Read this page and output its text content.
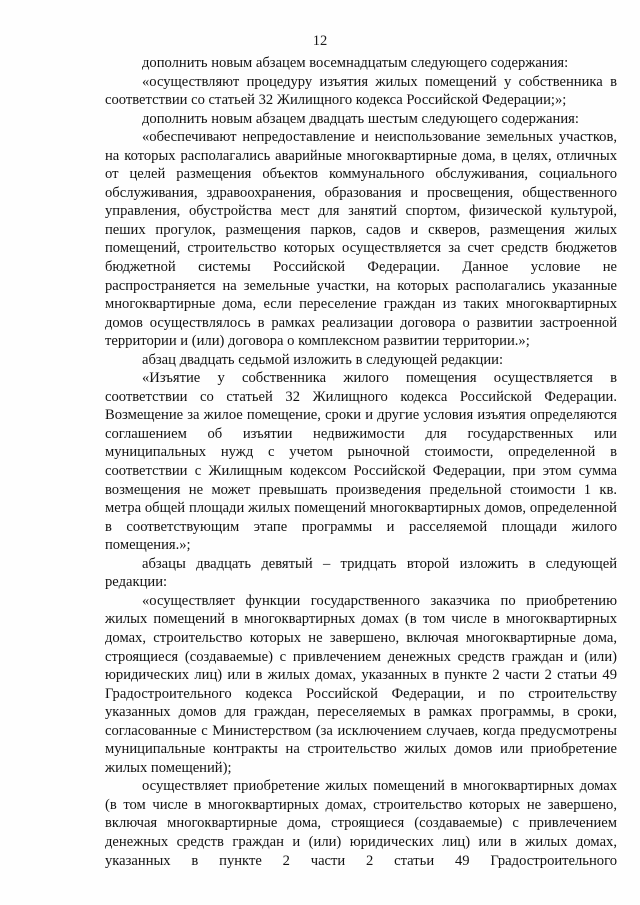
12

дополнить новым абзацем восемнадцатым следующего содержания:

«осуществляют процедуру изъятия жилых помещений у собственника в соответствии со статьей 32 Жилищного кодекса Российской Федерации;»;

дополнить новым абзацем двадцать шестым следующего содержания:

«обеспечивают непредоставление и неиспользование земельных участков, на которых располагались аварийные многоквартирные дома, в целях, отличных от целей размещения объектов коммунального обслуживания, социального обслуживания, здравоохранения, образования и просвещения, общественного управления, обустройства мест для занятий спортом, физической культурой, пеших прогулок, размещения парков, садов и скверов, размещения жилых помещений, строительство которых осуществляется за счет средств бюджетов бюджетной системы Российской Федерации. Данное условие не распространяется на земельные участки, на которых располагались указанные многоквартирные дома, если переселение граждан из таких многоквартирных домов осуществлялось в рамках реализации договора о развитии застроенной территории и (или) договора о комплексном развитии территории.»;

абзац двадцать седьмой изложить в следующей редакции:

«Изъятие у собственника жилого помещения осуществляется в соответствии со статьей 32 Жилищного кодекса Российской Федерации. Возмещение за жилое помещение, сроки и другие условия изъятия определяются соглашением об изъятии недвижимости для государственных или муниципальных нужд с учетом рыночной стоимости, определенной в соответствии с Жилищным кодексом Российской Федерации, при этом сумма возмещения не может превышать произведения предельной стоимости 1 кв. метра общей площади жилых помещений многоквартирных домов, определенной в соответствующим этапе программы и расселяемой площади жилого помещения.»;

абзацы двадцать девятый – тридцать второй изложить в следующей редакции:

«осуществляет функции государственного заказчика по приобретению жилых помещений в многоквартирных домах (в том числе в многоквартирных домах, строительство которых не завершено, включая многоквартирные дома, строящиеся (создаваемые) с привлечением денежных средств граждан и (или) юридических лиц) или в жилых домах, указанных в пункте 2 части 2 статьи 49 Градостроительного кодекса Российской Федерации, и по строительству указанных домов для граждан, переселяемых в рамках программы, в сроки, согласованные с Министерством (за исключением случаев, когда предусмотрены муниципальные контракты на строительство жилых домов или приобретение жилых помещений);

осуществляет приобретение жилых помещений в многоквартирных домах (в том числе в многоквартирных домах, строительство которых не завершено, включая многоквартирные дома, строящиеся (создаваемые) с привлечением денежных средств граждан и (или) юридических лиц) или в жилых домах, указанных в пункте 2 части 2 статьи 49 Градостроительного
